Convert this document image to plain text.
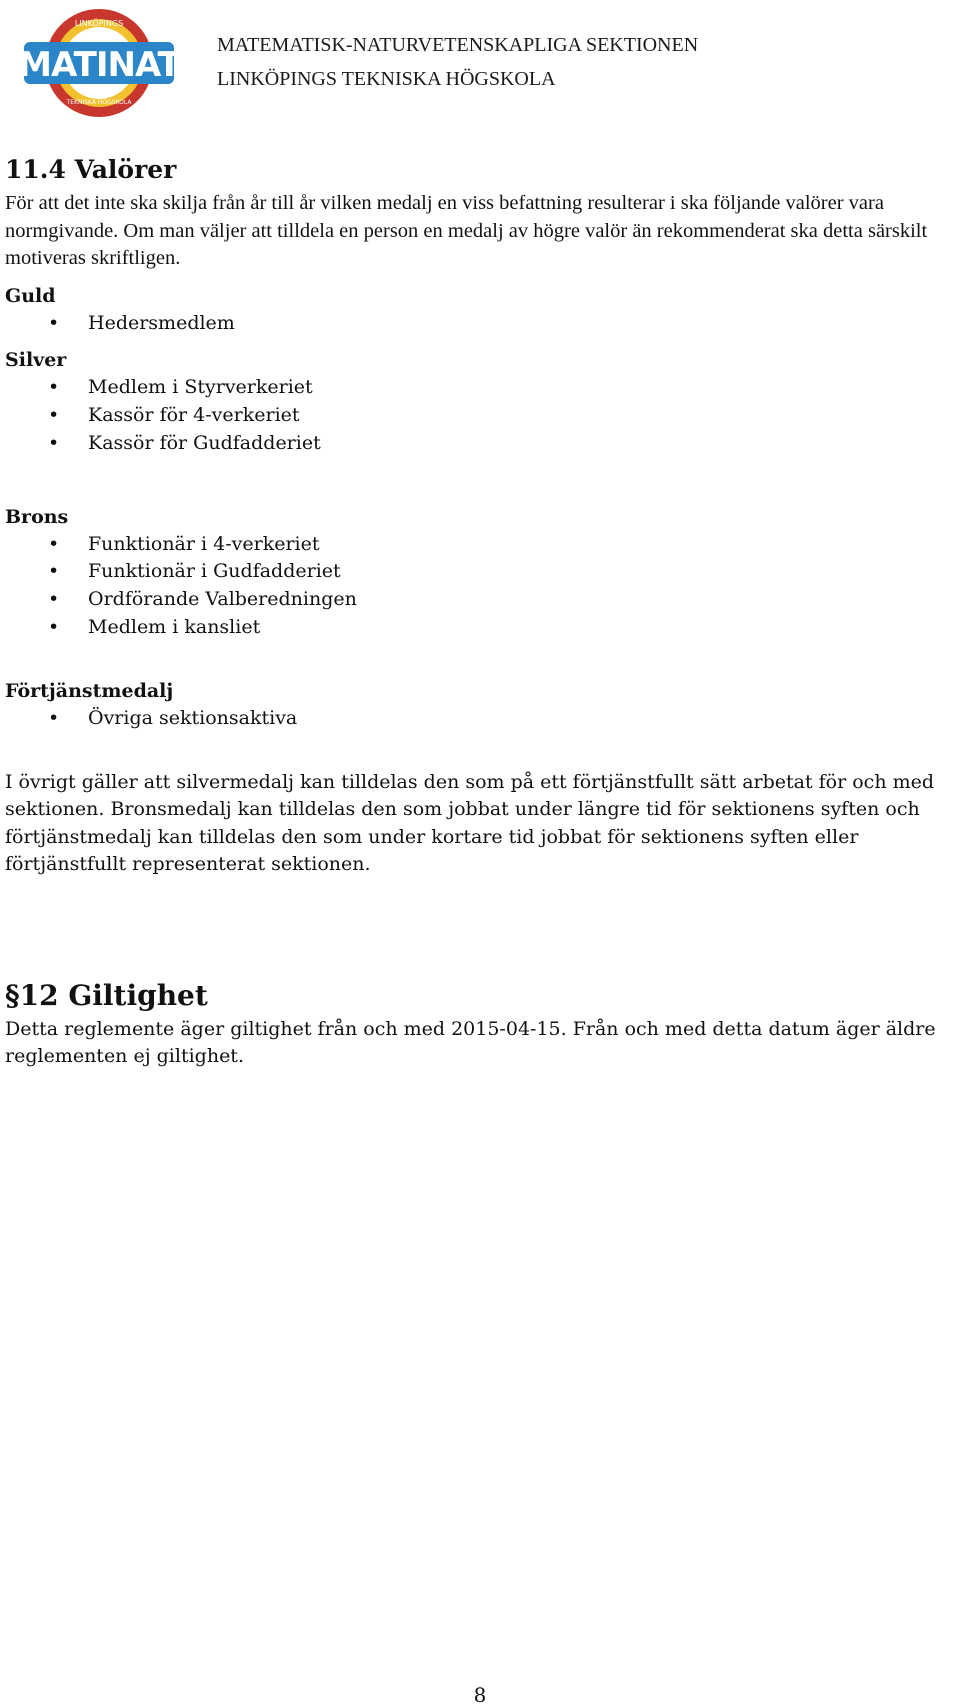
MATINAT
LINKÖPINGS
TEKNISKA HÖGSKOLA
MATEMATISK-NATURVETENSKAPLIGA SEKTIONEN
LINKÖPINGS TEKNISKA HÖGSKOLA
11.4 Valörer

För att det inte ska skilja från år till år vilken medalj en viss befattning resulterar i ska följande valörer vara normgivande. Om man väljer att tilldela en person en medalj av högre valör än rekommenderat ska detta särskilt motiveras skriftligen.

Guld
• Hedersmedlem
Silver
• Medlem i Styrverkeriet
• Kassör för 4-verkeriet
• Kassör för Gudfadderiet
Brons
• Funktionär i 4-verkeriet
• Funktionär i Gudfadderiet
• Ordförande Valberedningen
• Medlem i kansliet
Förtjänstmedalj
• Övriga sektionsaktiva

I övrigt gäller att silvermedalj kan tilldelas den som på ett förtjänstfullt sätt arbetat för och med sektionen. Bronsmedalj kan tilldelas den som jobbat under längre tid för sektionens syften och förtjänstmedalj kan tilldelas den som under kortare tid jobbat för sektionens syften eller förtjänstfullt representerat sektionen.

§12 Giltighet

Detta reglemente äger giltighet från och med 2015-04-15. Från och med detta datum äger äldre reglementen ej giltighet.

8
